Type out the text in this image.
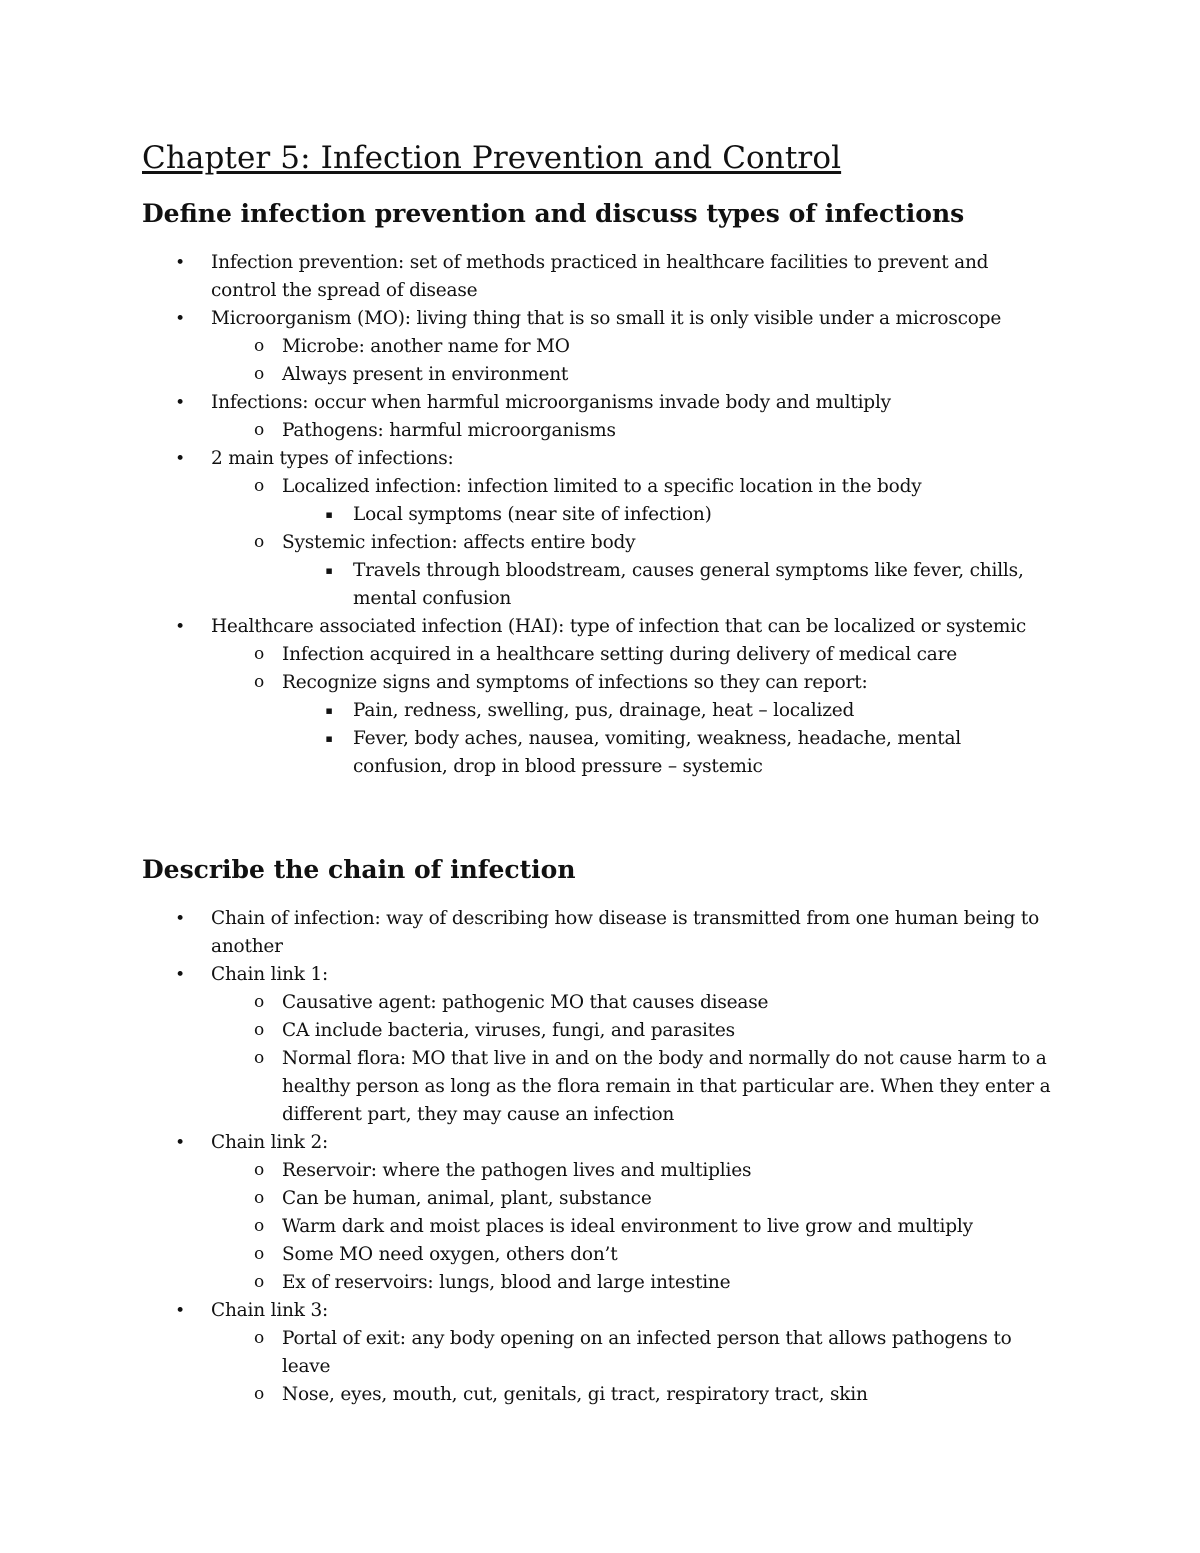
Chapter 5: Infection Prevention and Control
Define infection prevention and discuss types of infections
• Infection prevention: set of methods practiced in healthcare facilities to prevent and control the spread of disease
• Microorganism (MO): living thing that is so small it is only visible under a microscope
o Microbe: another name for MO
o Always present in environment
• Infections: occur when harmful microorganisms invade body and multiply
o Pathogens: harmful microorganisms
• 2 main types of infections:
o Localized infection: infection limited to a specific location in the body
▪ Local symptoms (near site of infection)
o Systemic infection: affects entire body
▪ Travels through bloodstream, causes general symptoms like fever, chills, mental confusion
• Healthcare associated infection (HAI): type of infection that can be localized or systemic
o Infection acquired in a healthcare setting during delivery of medical care
o Recognize signs and symptoms of infections so they can report:
▪ Pain, redness, swelling, pus, drainage, heat – localized
▪ Fever, body aches, nausea, vomiting, weakness, headache, mental confusion, drop in blood pressure – systemic
Describe the chain of infection
• Chain of infection: way of describing how disease is transmitted from one human being to another
• Chain link 1:
o Causative agent: pathogenic MO that causes disease
o CA include bacteria, viruses, fungi, and parasites
o Normal flora: MO that live in and on the body and normally do not cause harm to a healthy person as long as the flora remain in that particular are. When they enter a different part, they may cause an infection
• Chain link 2:
o Reservoir: where the pathogen lives and multiplies
o Can be human, animal, plant, substance
o Warm dark and moist places is ideal environment to live grow and multiply
o Some MO need oxygen, others don’t
o Ex of reservoirs: lungs, blood and large intestine
• Chain link 3:
o Portal of exit: any body opening on an infected person that allows pathogens to leave
o Nose, eyes, mouth, cut, genitals, gi tract, respiratory tract, skin
